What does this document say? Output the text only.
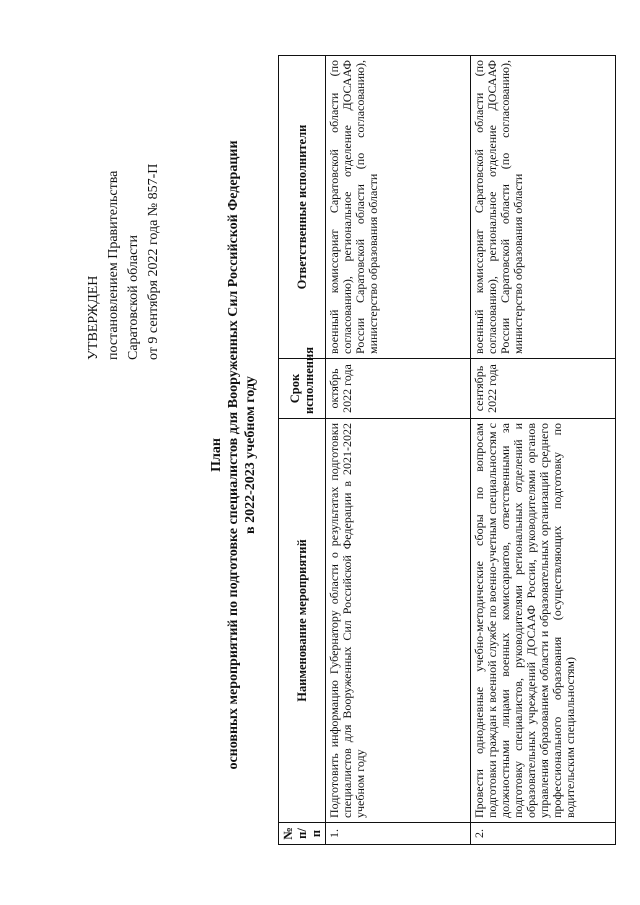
УТВЕРЖДЕН постановлением Правительства Саратовской области от 9 сентября 2022 года № 857-П
План основных мероприятий по подготовке специалистов для Вооруженных Сил Российской Федерации в 2022-2023 учебном году
№ п/п	Наименование мероприятий	Срок исполнения	Ответственные исполнители
1.	Подготовить информацию Губернатору области о результатах подготовки специалистов для Вооруженных Сил Российской Федерации в 2021-2022 учебном году	октябрь 2022 года	военный комиссариат Саратовской области (по согласованию), региональное отделение ДОСААФ России Саратовской области (по согласованию), министерство образования области
2.	Провести однодневные учебно-методические сборы по вопросам подготовки граждан к военной службе по военно-учетным специальностям с должностными лицами военных комиссариатов, ответственными за подготовку специалистов, руководителями региональных отделений и образовательных учреждений ДОСААФ России, руководителями органов управления образованием области и образовательных организаций среднего профессионального образования (осуществляющих подготовку по водительским специальностям)	сентябрь 2022 года	военный комиссариат Саратовской области (по согласованию), региональное отделение ДОСААФ России Саратовской области (по согласованию), министерство образования области
